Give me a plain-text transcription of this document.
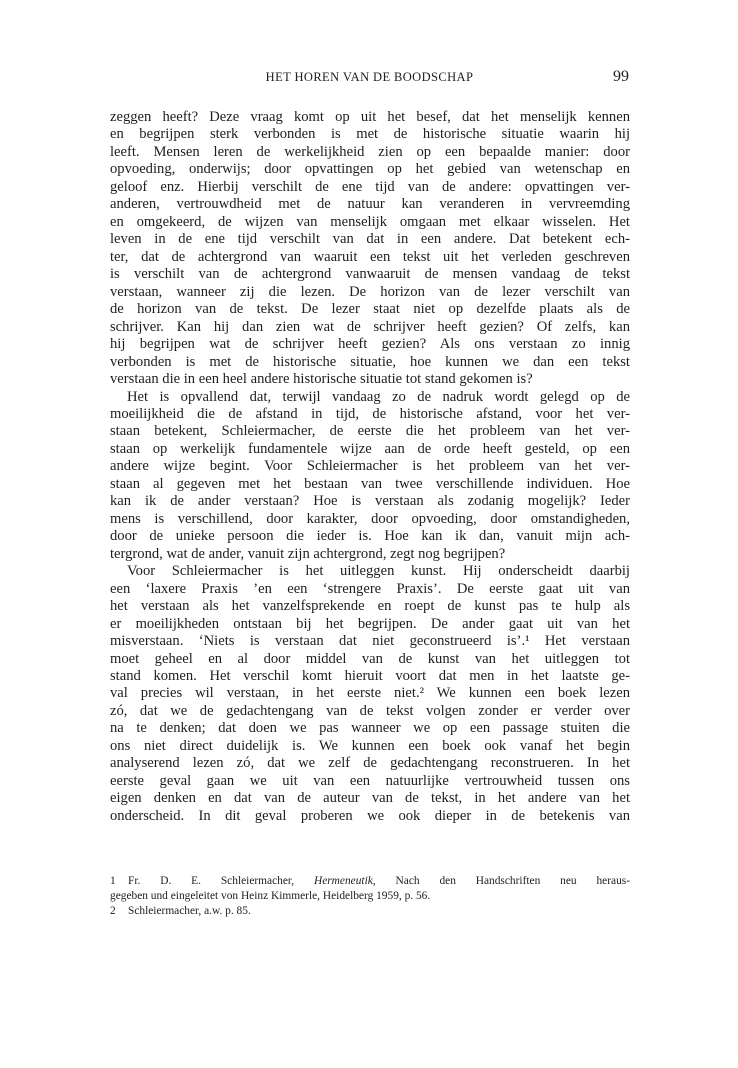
HET HOREN VAN DE BOODSCHAP	99
zeggen heeft? Deze vraag komt op uit het besef, dat het menselijk kennen
en begrijpen sterk verbonden is met de historische situatie waarin hij
leeft. Mensen leren de werkelijkheid zien op een bepaalde manier: door
opvoeding, onderwijs; door opvattingen op het gebied van wetenschap en
geloof enz. Hierbij verschilt de ene tijd van de andere: opvattingen ver-
anderen, vertrouwdheid met de natuur kan veranderen in vervreemding
en omgekeerd, de wijzen van menselijk omgaan met elkaar wisselen. Het
leven in de ene tijd verschilt van dat in een andere. Dat betekent ech-
ter, dat de achtergrond van waaruit een tekst uit het verleden geschreven
is verschilt van de achtergrond vanwaaruit de mensen vandaag de tekst
verstaan, wanneer zij die lezen. De horizon van de lezer verschilt van
de horizon van de tekst. De lezer staat niet op dezelfde plaats als de
schrijver. Kan hij dan zien wat de schrijver heeft gezien? Of zelfs, kan
hij begrijpen wat de schrijver heeft gezien? Als ons verstaan zo innig
verbonden is met de historische situatie, hoe kunnen we dan een tekst
verstaan die in een heel andere historische situatie tot stand gekomen is?
Het is opvallend dat, terwijl vandaag zo de nadruk wordt gelegd op de
moeilijkheid die de afstand in tijd, de historische afstand, voor het ver-
staan betekent, Schleiermacher, de eerste die het probleem van het ver-
staan op werkelijk fundamentele wijze aan de orde heeft gesteld, op een
andere wijze begint. Voor Schleiermacher is het probleem van het ver-
staan al gegeven met het bestaan van twee verschillende individuen. Hoe
kan ik de ander verstaan? Hoe is verstaan als zodanig mogelijk? Ieder
mens is verschillend, door karakter, door opvoeding, door omstandigheden,
door de unieke persoon die ieder is. Hoe kan ik dan, vanuit mijn ach-
tergrond, wat de ander, vanuit zijn achtergrond, zegt nog begrijpen?
Voor Schleiermacher is het uitleggen kunst. Hij onderscheidt daarbij
een ‘laxere Praxis ’en een ‘strengere Praxis’. De eerste gaat uit van
het verstaan als het vanzelfsprekende en roept de kunst pas te hulp als
er moeilijkheden ontstaan bij het begrijpen. De ander gaat uit van het
misverstaan. ‘Niets is verstaan dat niet geconstrueerd is’.¹ Het verstaan
moet geheel en al door middel van de kunst van het uitleggen tot
stand komen. Het verschil komt hieruit voort dat men in het laatste ge-
val precies wil verstaan, in het eerste niet.² We kunnen een boek lezen
zó, dat we de gedachtengang van de tekst volgen zonder er verder over
na te denken; dat doen we pas wanneer we op een passage stuiten die
ons niet direct duidelijk is. We kunnen een boek ook vanaf het begin
analyserend lezen zó, dat we zelf de gedachtengang reconstrueren. In het
eerste geval gaan we uit van een natuurlijke vertrouwheid tussen ons
eigen denken en dat van de auteur van de tekst, in het andere van het
onderscheid. In dit geval proberen we ook dieper in de betekenis van
1 Fr. D. E. Schleiermacher, Hermeneutik, Nach den Handschriften neu heraus-
gegeben und eingeleitet von Heinz Kimmerle, Heidelberg 1959, p. 56.
2 Schleiermacher, a.w. p. 85.
